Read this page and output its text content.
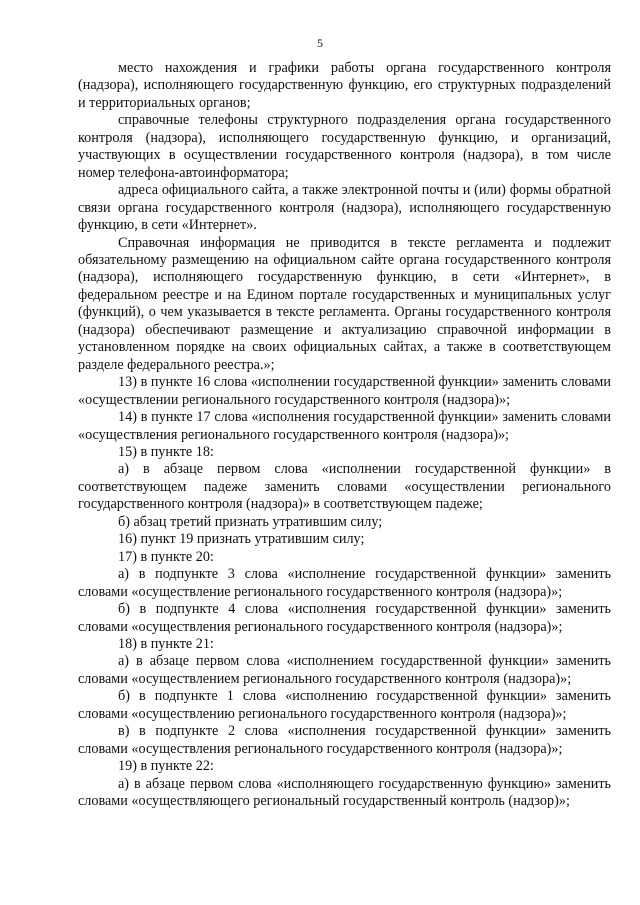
5

место нахождения и графики работы органа государственного контроля (надзора), исполняющего государственную функцию, его структурных подразделений и территориальных органов;

справочные телефоны структурного подразделения органа государственного контроля (надзора), исполняющего государственную функцию, и организаций, участвующих в осуществлении государственного контроля (надзора), в том числе номер телефона-автоинформатора;

адреса официального сайта, а также электронной почты и (или) формы обратной связи органа государственного контроля (надзора), исполняющего государственную функцию, в сети «Интернет».

Справочная информация не приводится в тексте регламента и подлежит обязательному размещению на официальном сайте органа государственного контроля (надзора), исполняющего государственную функцию, в сети «Интернет», в федеральном реестре и на Едином портале государственных и муниципальных услуг (функций), о чем указывается в тексте регламента. Органы государственного контроля (надзора) обеспечивают размещение и актуализацию справочной информации в установленном порядке на своих официальных сайтах, а также в соответствующем разделе федерального реестра.»;

13) в пункте 16 слова «исполнении государственной функции» заменить словами «осуществлении регионального государственного контроля (надзора)»;

14) в пункте 17 слова «исполнения государственной функции» заменить словами «осуществления регионального государственного контроля (надзора)»;

15) в пункте 18:

а) в абзаце первом слова «исполнении государственной функции» в соответствующем падеже заменить словами «осуществлении регионального государственного контроля (надзора)» в соответствующем падеже;

б) абзац третий признать утратившим силу;

16) пункт 19 признать утратившим силу;

17) в пункте 20:

а) в подпункте 3 слова «исполнение государственной функции» заменить словами «осуществление регионального государственного контроля (надзора)»;

б) в подпункте 4 слова «исполнения государственной функции» заменить словами «осуществления регионального государственного контроля (надзора)»;

18) в пункте 21:

а) в абзаце первом слова «исполнением государственной функции» заменить словами «осуществлением регионального государственного контроля (надзора)»;

б) в подпункте 1 слова «исполнению государственной функции» заменить словами «осуществлению регионального государственного контроля (надзора)»;

в) в подпункте 2 слова «исполнения государственной функции» заменить словами «осуществления регионального государственного контроля (надзора)»;

19) в пункте 22:

а) в абзаце первом слова «исполняющего государственную функцию» заменить словами «осуществляющего региональный государственный контроль (надзор)»;
